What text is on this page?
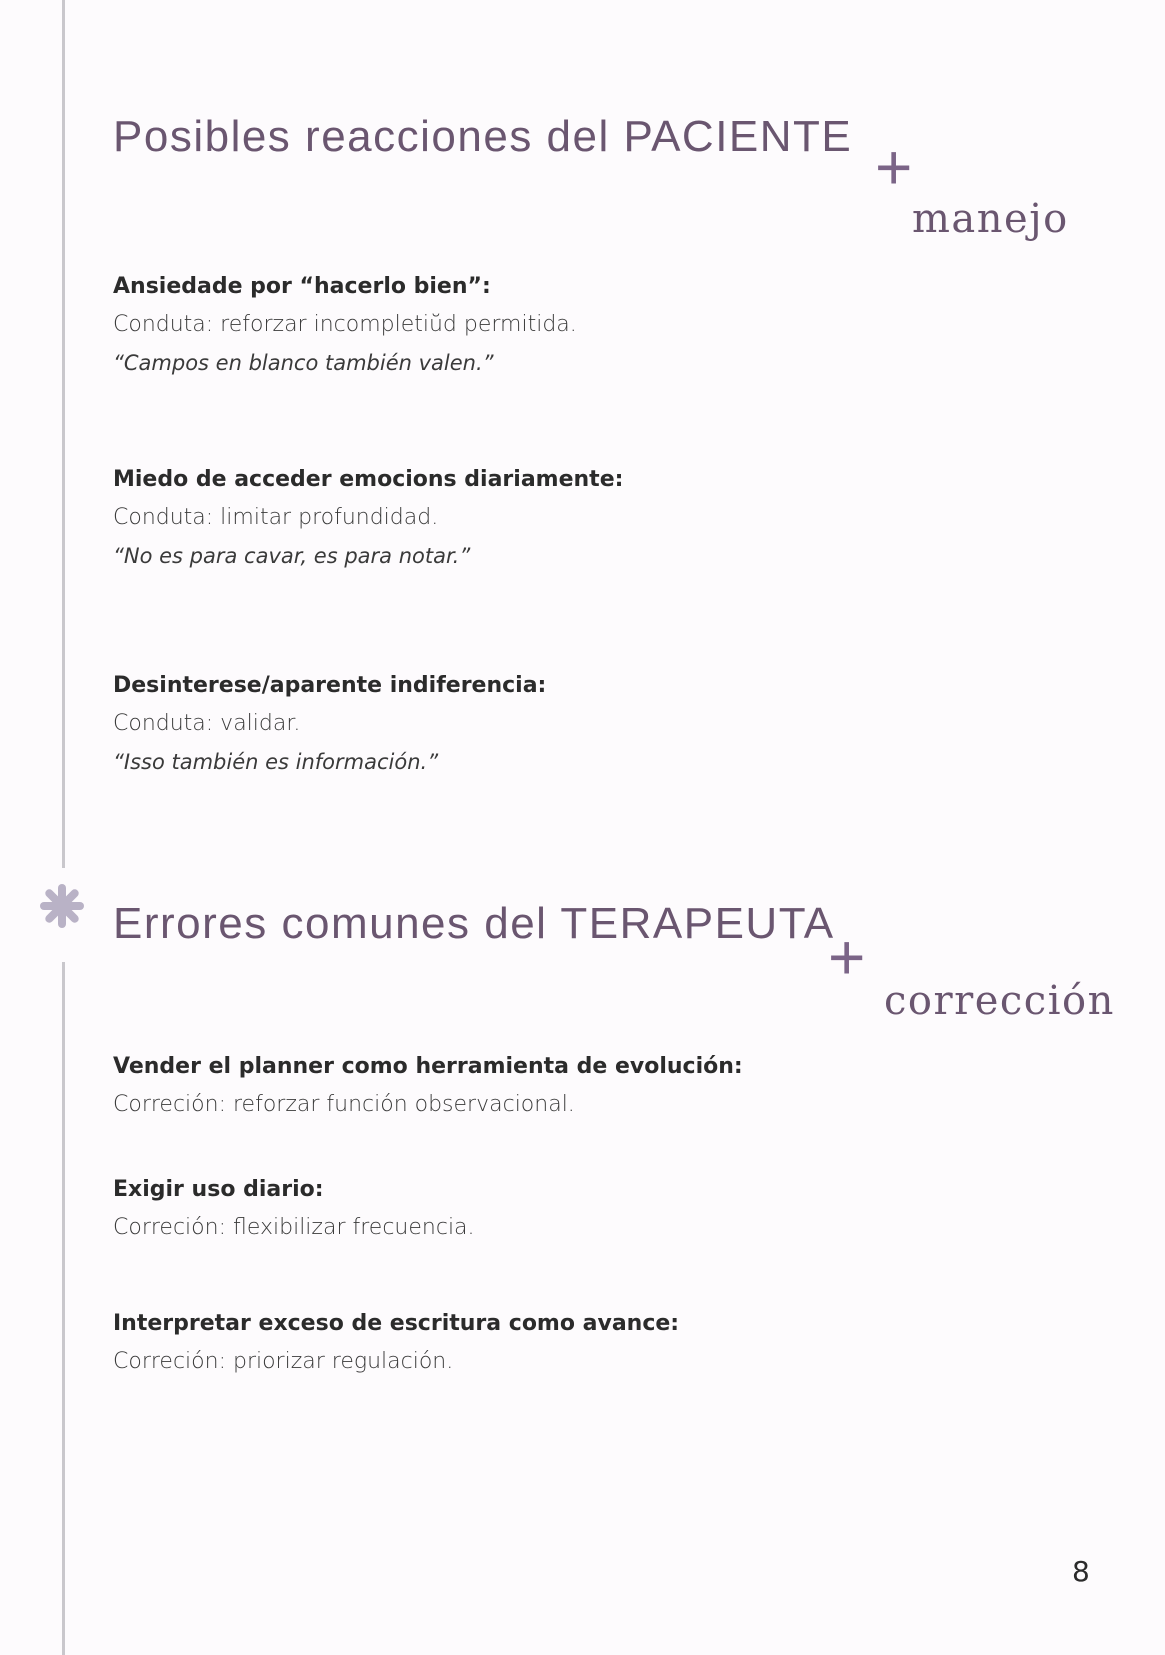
Posibles reacciones del PACIENTE +
manejo
Ansiedade por “hacerlo bien”:
Conduta: reforzar incompletiŭd permitida.
“Campos en blanco también valen.”
Miedo de acceder emocions diariamente:
Conduta: limitar profundidad.
“No es para cavar, es para notar.”
Desinterese/aparente indiferencia:
Conduta: validar.
“Isso también es información.”
Errores comunes del TERAPEUTA
+
corrección
Vender el planner como herramienta de evolución:
Correción: reforzar función observacional.
Exigir uso diario:
Correción: flexibilizar frecuencia.
Interpretar exceso de escritura como avance:
Correción: priorizar regulación.
8
